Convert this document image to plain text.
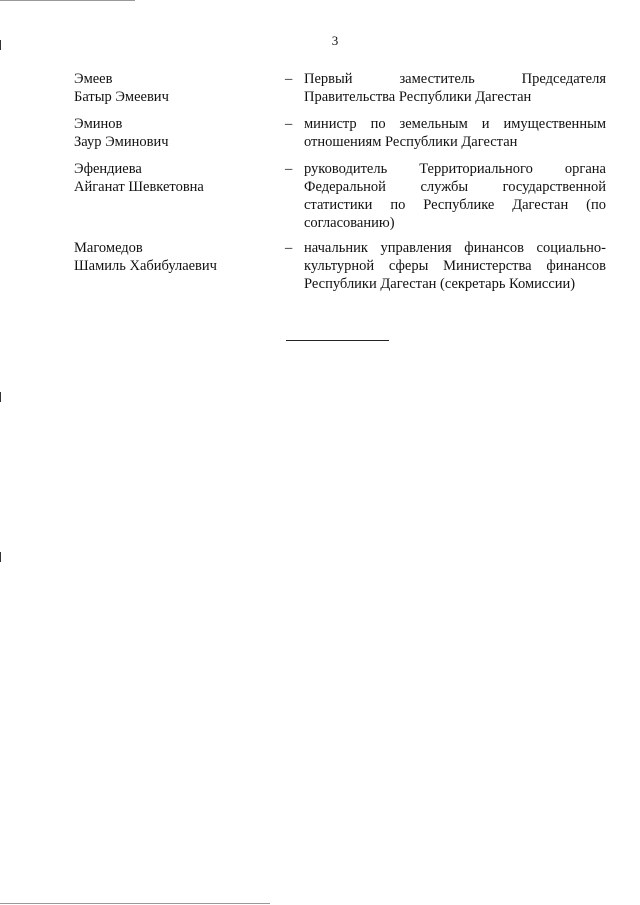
3
Эмеев
Батыр Эмеевич
– Первый заместитель Председателя Правительства Республики Дагестан
Эминов
Заур Эминович
– министр по земельным и имущественным отношениям Республики Дагестан
Эфендиева
Айганат Шевкетовна
– руководитель Территориального органа Федеральной службы государственной статистики по Республике Дагестан (по согласованию)
Магомедов
Шамиль Хабибулаевич
– начальник управления финансов социально-культурной сферы Министерства финансов Республики Дагестан (секретарь Комиссии)
